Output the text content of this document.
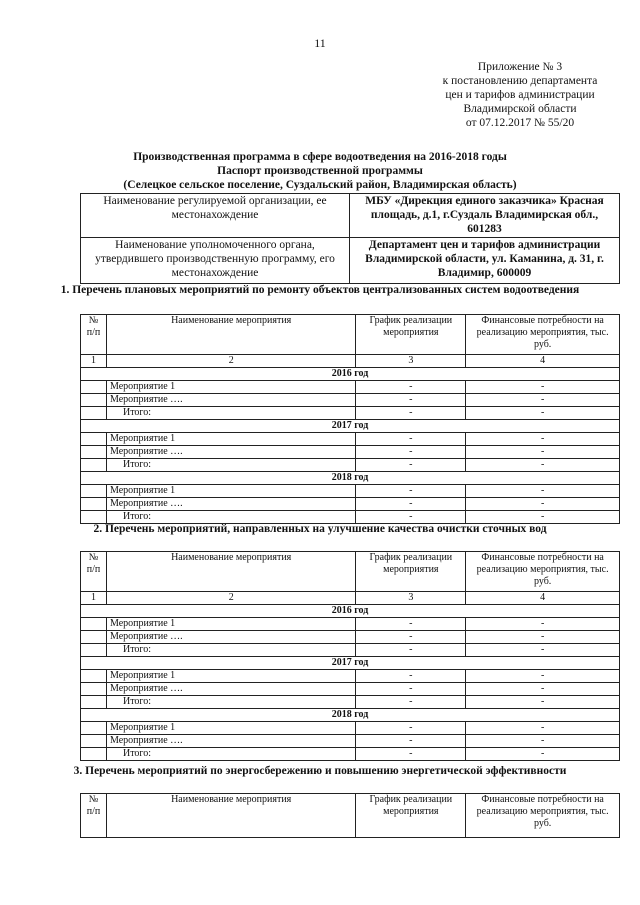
11
Приложение № 3
к постановлению департамента
цен и тарифов администрации
Владимирской области
от 07.12.2017 № 55/20
Производственная программа в сфере водоотведения на 2016-2018 годы
Паспорт производственной программы
(Селецкое сельское поселение, Суздальский район, Владимирская область)
Наименование регулируемой организации, ее местонахождение	МБУ «Дирекция единого заказчика» Красная площадь, д.1, г.Суздаль Владимирская обл., 601283
Наименование уполномоченного органа, утвердившего производственную программу, его местонахождение	Департамент цен и тарифов администрации Владимирской области, ул. Каманина, д. 31, г. Владимир, 600009
1. Перечень плановых мероприятий по ремонту объектов централизованных систем водоотведения
№ п/п	Наименование мероприятия	График реализации мероприятия	Финансовые потребности на реализацию мероприятия, тыс. руб.
1	2	3	4
2016 год			
	Мероприятие 1	-	-
	Мероприятие ….	-	-
	Итого:	-	-
2017 год			
	Мероприятие 1	-	-
	Мероприятие ….	-	-
	Итого:	-	-
2018 год			
	Мероприятие 1	-	-
	Мероприятие ….	-	-
	Итого:	-	-
2. Перечень мероприятий, направленных на улучшение качества очистки сточных вод
№ п/п	Наименование мероприятия	График реализации мероприятия	Финансовые потребности на реализацию мероприятия, тыс. руб.
1	2	3	4
2016 год			
	Мероприятие 1	-	-
	Мероприятие ….	-	-
	Итого:	-	-
2017 год			
	Мероприятие 1	-	-
	Мероприятие ….	-	-
	Итого:	-	-
2018 год			
	Мероприятие 1	-	-
	Мероприятие ….	-	-
	Итого:	-	-
3. Перечень мероприятий по энергосбережению и повышению энергетической эффективности
№ п/п	Наименование мероприятия	График реализации мероприятия	Финансовые потребности на реализацию мероприятия, тыс. руб.
